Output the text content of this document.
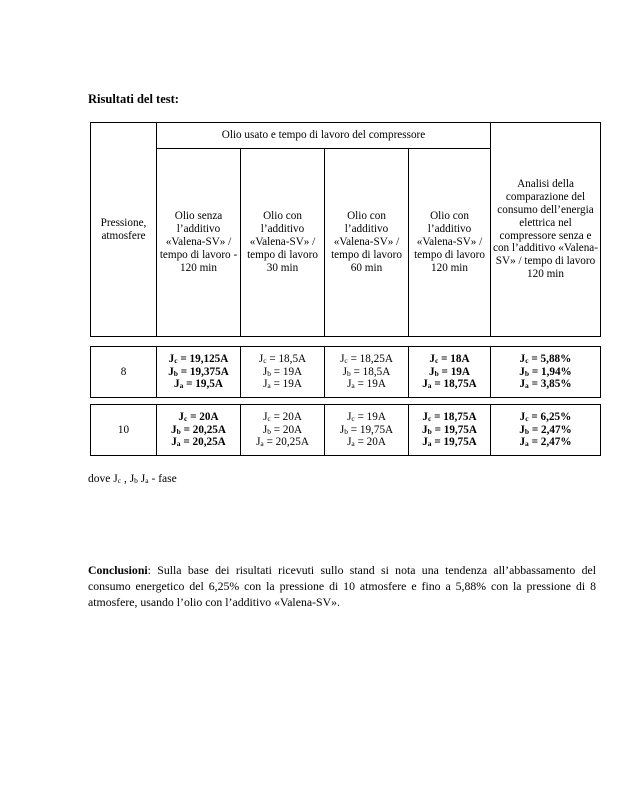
Risultati del test:
Pressione, atmosfere	Olio usato e tempo di lavoro del compressore				Analisi della comparazione del consumo dell’energia elettrica nel compressore senza e con l’additivo «Valena-SV» / tempo di lavoro 120 min
	Olio senza l’additivo «Valena-SV» / tempo di lavoro - 120 min	Olio con l’additivo «Valena-SV» / tempo di lavoro 30 min	Olio con l’additivo «Valena-SV» / tempo di lavoro 60 min	Olio con l’additivo «Valena-SV» / tempo di lavoro 120 min	

8	Jc = 19,125A
Jb = 19,375A
Ja = 19,5A	Jc = 18,5A
Jb = 19A
Ja = 19A	Jc = 18,25A
Jb = 18,5A
Ja = 19A	Jc = 18A
Jb = 19A
Ja = 18,75A	Jc = 5,88%
Jb = 1,94%
Ja = 3,85%

10	Jc = 20A
Jb = 20,25A
Ja = 20,25A	Jc = 20A
Jb = 20A
Ja = 20,25A	Jc = 19A
Jb = 19,75A
Ja = 20A	Jc = 18,75A
Jb = 19,75A
Ja = 19,75A	Jc = 6,25%
Jb = 2,47%
Ja = 2,47%
dove Jc , Jb Ja - fase
Conclusioni: Sulla base dei risultati ricevuti sullo stand si nota una tendenza all’abbassamento del consumo energetico del 6,25% con la pressione di 10 atmosfere e fino a 5,88% con la pressione di 8 atmosfere, usando l’olio con l’additivo «Valena-SV».
